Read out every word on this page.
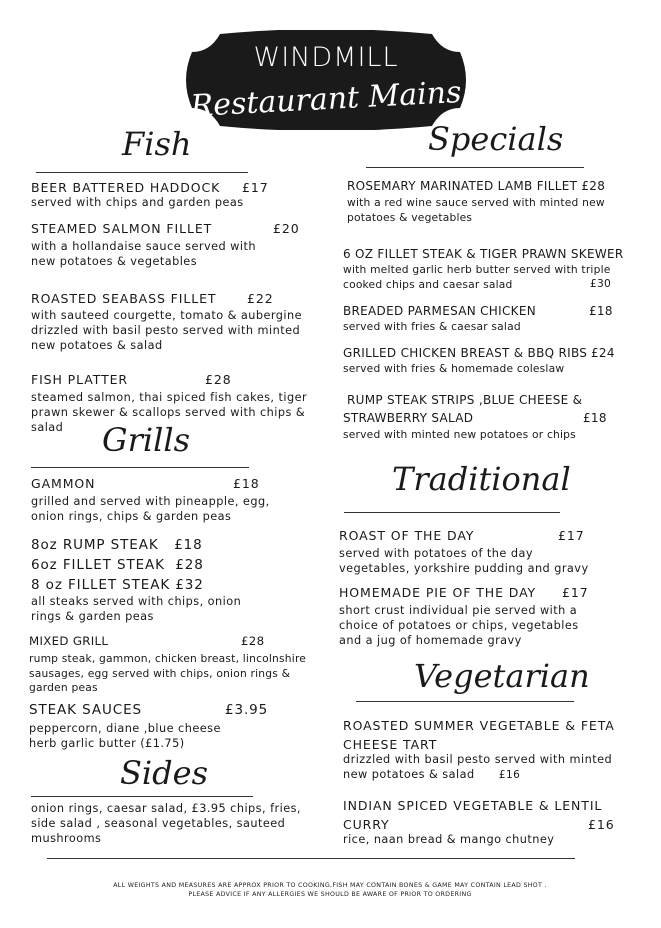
WINDMILL
Restaurant Mains
Fish
BEER BATTERED HADDOCK £17
served with chips and garden peas
STEAMED SALMON FILLET	£20
with a hollandaise sauce served with
new potatoes & vegetables
ROASTED SEABASS FILLET £22
with sauteed courgette, tomato & aubergine
drizzled with basil pesto served with minted
new potatoes & salad
FISH PLATTER	£28
steamed salmon, thai spiced fish cakes, tiger
prawn skewer & scallops served with chips &
salad	Grills
GAMMON	£18
grilled and served with pineapple, egg,
onion rings, chips & garden peas
8oz RUMP STEAK £18
6oz FILLET STEAK £28
8 oz FILLET STEAK £32
all steaks served with chips, onion
rings & garden peas
MIXED GRILL	£28
rump steak, gammon, chicken breast, lincolnshire
sausages, egg served with chips, onion rings &
garden peas
STEAK SAUCES	£3.95
peppercorn, diane ,blue cheese
herb garlic butter (£1.75)
Sides
onion rings, caesar salad, £3.95 chips, fries,
side salad , seasonal vegetables, sauteed
mushrooms
Specials
ROSEMARY MARINATED LAMB FILLET £28
with a red wine sauce served with minted new
potatoes & vegetables
6 OZ FILLET STEAK & TIGER PRAWN SKEWER
with melted garlic herb butter served with triple
cooked chips and caesar salad	£30
BREADED PARMESAN CHICKEN	£18
served with fries & caesar salad
GRILLED CHICKEN BREAST & BBQ RIBS £24
served with fries & homemade coleslaw
RUMP STEAK STRIPS ,BLUE CHEESE &
STRAWBERRY SALAD	£18
served with minted new potatoes or chips
Traditional
ROAST OF THE DAY	£17
served with potatoes of the day
vegetables, yorkshire pudding and gravy
HOMEMADE PIE OF THE DAY £17
short crust individual pie served with a
choice of potatoes or chips, vegetables
and a jug of homemade gravy
Vegetarian
ROASTED SUMMER VEGETABLE & FETA
CHEESE TART
drizzled with basil pesto served with minted
new potatoes & salad £16
INDIAN SPICED VEGETABLE & LENTIL
CURRY	£16
rice, naan bread & mango chutney
ALL WEIGHTS AND MEASURES ARE APPROX PRIOR TO COOKING,FISH MAY CONTAIN BONES & GAME MAY CONTAIN LEAD SHOT .
PLEASE ADVICE IF ANY ALLERGIES WE SHOULD BE AWARE OF PRIOR TO ORDERING
